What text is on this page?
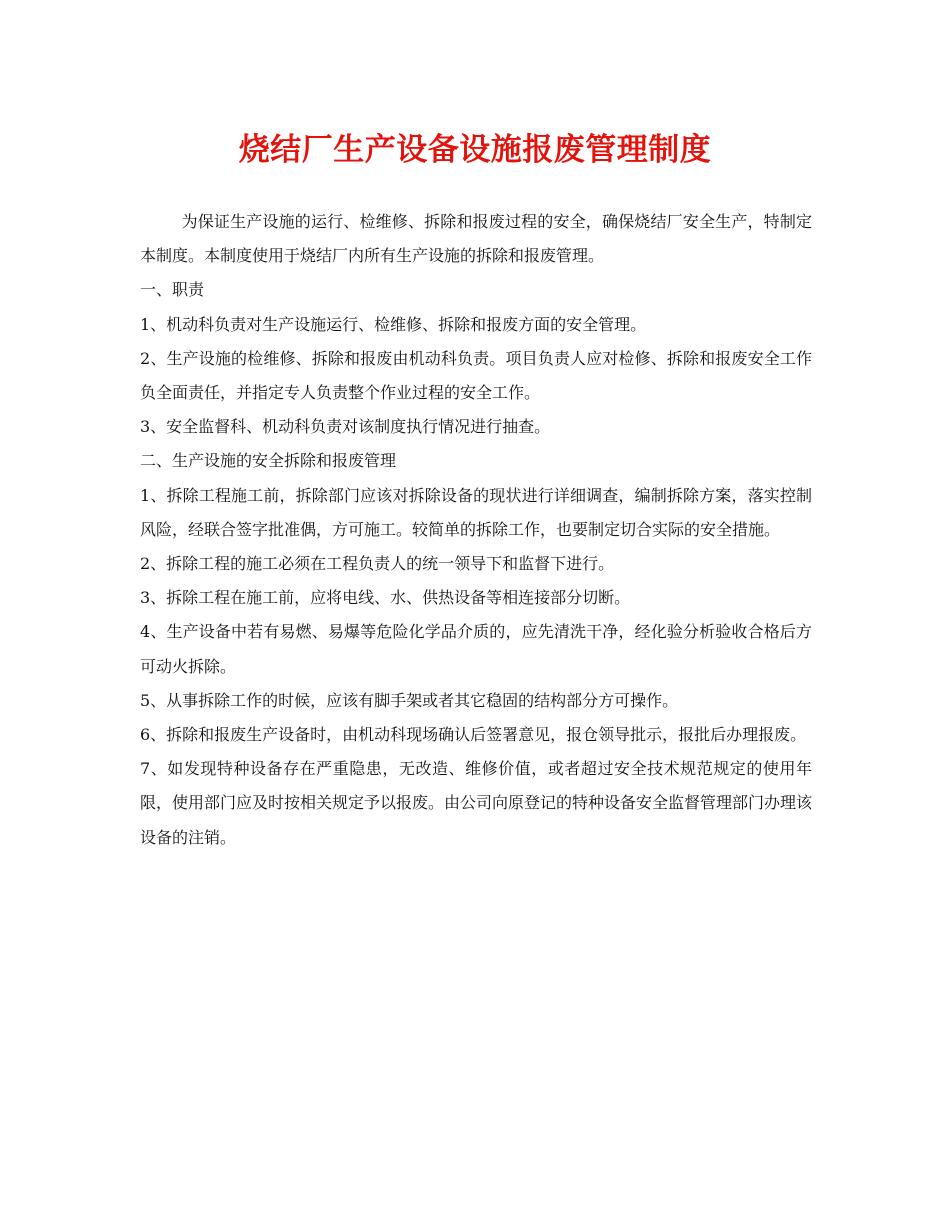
烧结厂生产设备设施报废管理制度

为保证生产设施的运行、检维修、拆除和报废过程的安全，确保烧结厂安全生产，特制定本制度。本制度使用于烧结厂内所有生产设施的拆除和报废管理。

一、职责

1、机动科负责对生产设施运行、检维修、拆除和报废方面的安全管理。

2、生产设施的检维修、拆除和报废由机动科负责。项目负责人应对检修、拆除和报废安全工作负全面责任，并指定专人负责整个作业过程的安全工作。

3、安全监督科、机动科负责对该制度执行情况进行抽查。

二、生产设施的安全拆除和报废管理

1、拆除工程施工前，拆除部门应该对拆除设备的现状进行详细调查，编制拆除方案，落实控制风险，经联合签字批准偶，方可施工。较简单的拆除工作，也要制定切合实际的安全措施。

2、拆除工程的施工必须在工程负责人的统一领导下和监督下进行。

3、拆除工程在施工前，应将电线、水、供热设备等相连接部分切断。

4、生产设备中若有易燃、易爆等危险化学品介质的，应先清洗干净，经化验分析验收合格后方可动火拆除。

5、从事拆除工作的时候，应该有脚手架或者其它稳固的结构部分方可操作。

6、拆除和报废生产设备时，由机动科现场确认后签署意见，报仓领导批示，报批后办理报废。

7、如发现特种设备存在严重隐患，无改造、维修价值，或者超过安全技术规范规定的使用年限，使用部门应及时按相关规定予以报废。由公司向原登记的特种设备安全监督管理部门办理该设备的注销。
